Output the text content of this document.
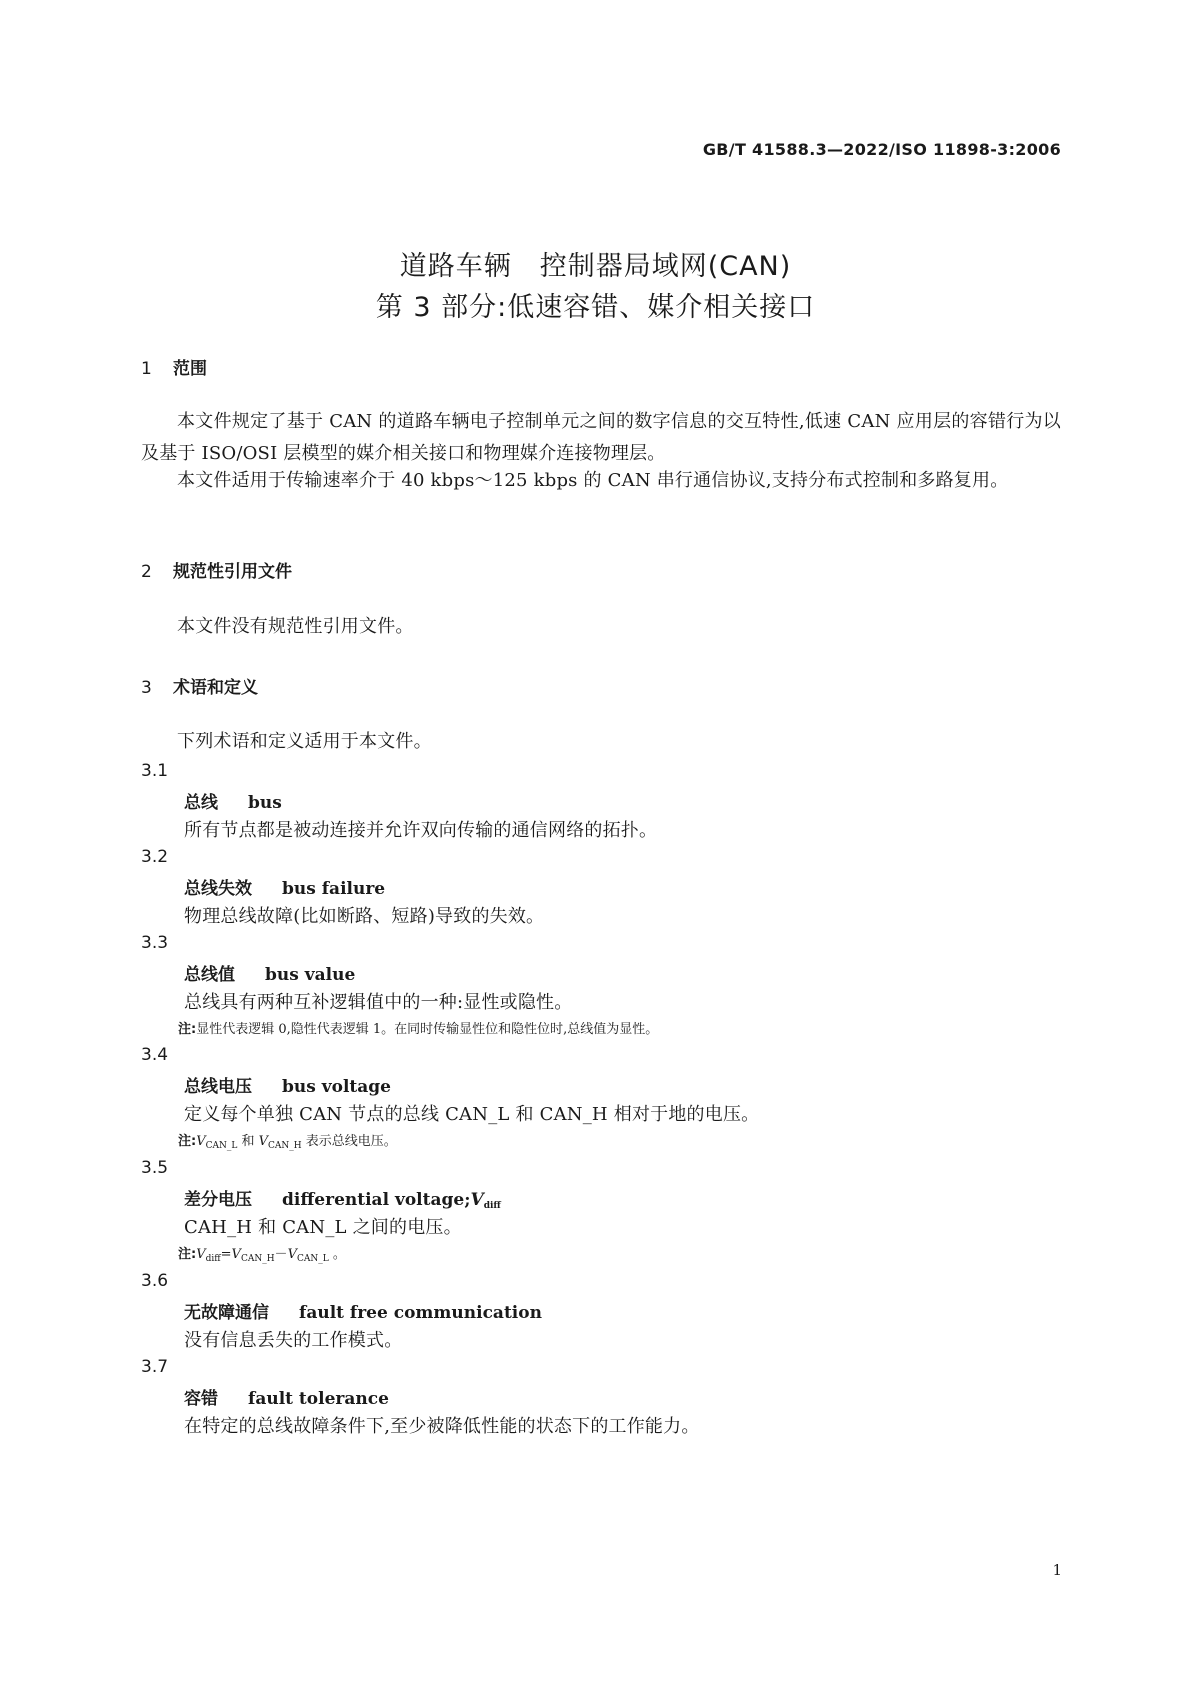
GB/T 41588.3—2022/ISO 11898-3:2006
道路车辆　控制器局域网(CAN)
第 3 部分:低速容错、媒介相关接口
1 范围
本文件规定了基于 CAN 的道路车辆电子控制单元之间的数字信息的交互特性,低速 CAN 应用层的容错行为以及基于 ISO/OSI 层模型的媒介相关接口和物理媒介连接物理层。
本文件适用于传输速率介于 40 kbps～125 kbps 的 CAN 串行通信协议,支持分布式控制和多路复用。
2 规范性引用文件
本文件没有规范性引用文件。
3 术语和定义
下列术语和定义适用于本文件。
3.1
总线 bus
所有节点都是被动连接并允许双向传输的通信网络的拓扑。
3.2
总线失效 bus failure
物理总线故障(比如断路、短路)导致的失效。
3.3
总线值 bus value
总线具有两种互补逻辑值中的一种:显性或隐性。
注:显性代表逻辑 0,隐性代表逻辑 1。在同时传输显性位和隐性位时,总线值为显性。
3.4
总线电压 bus voltage
定义每个单独 CAN 节点的总线 CAN_L 和 CAN_H 相对于地的电压。
注$:V_{CAN\_L}$ 和 $V_{CAN\_H}$ 表示总线电压。
3.5
差分电压 differential $voltage;V_{diff}$
CAH_H 和 CAN_L 之间的电压。
注$:V_{diff}=V_{CAN\_H}-V_{CAN\_L}$ 。
3.6
无故障通信 fault free communication
没有信息丢失的工作模式。
3.7
容错 fault tolerance
在特定的总线故障条件下,至少被降低性能的状态下的工作能力。
1
